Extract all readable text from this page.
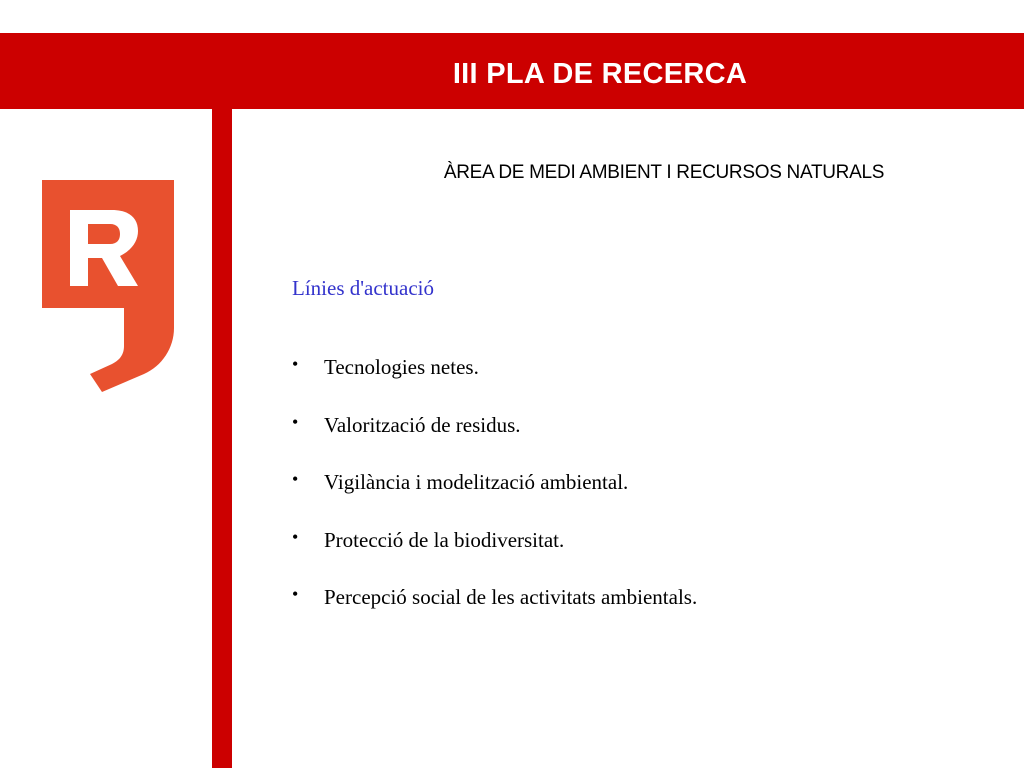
III PLA DE RECERCA
ÀREA DE MEDI AMBIENT I RECURSOS NATURALS
Línies d'actuació
•	Tecnologies netes.
•	Valorització de residus.
•	Vigilància i modelització ambiental.
•	Protecció de la biodiversitat.
•	Percepció social de les activitats ambientals.
